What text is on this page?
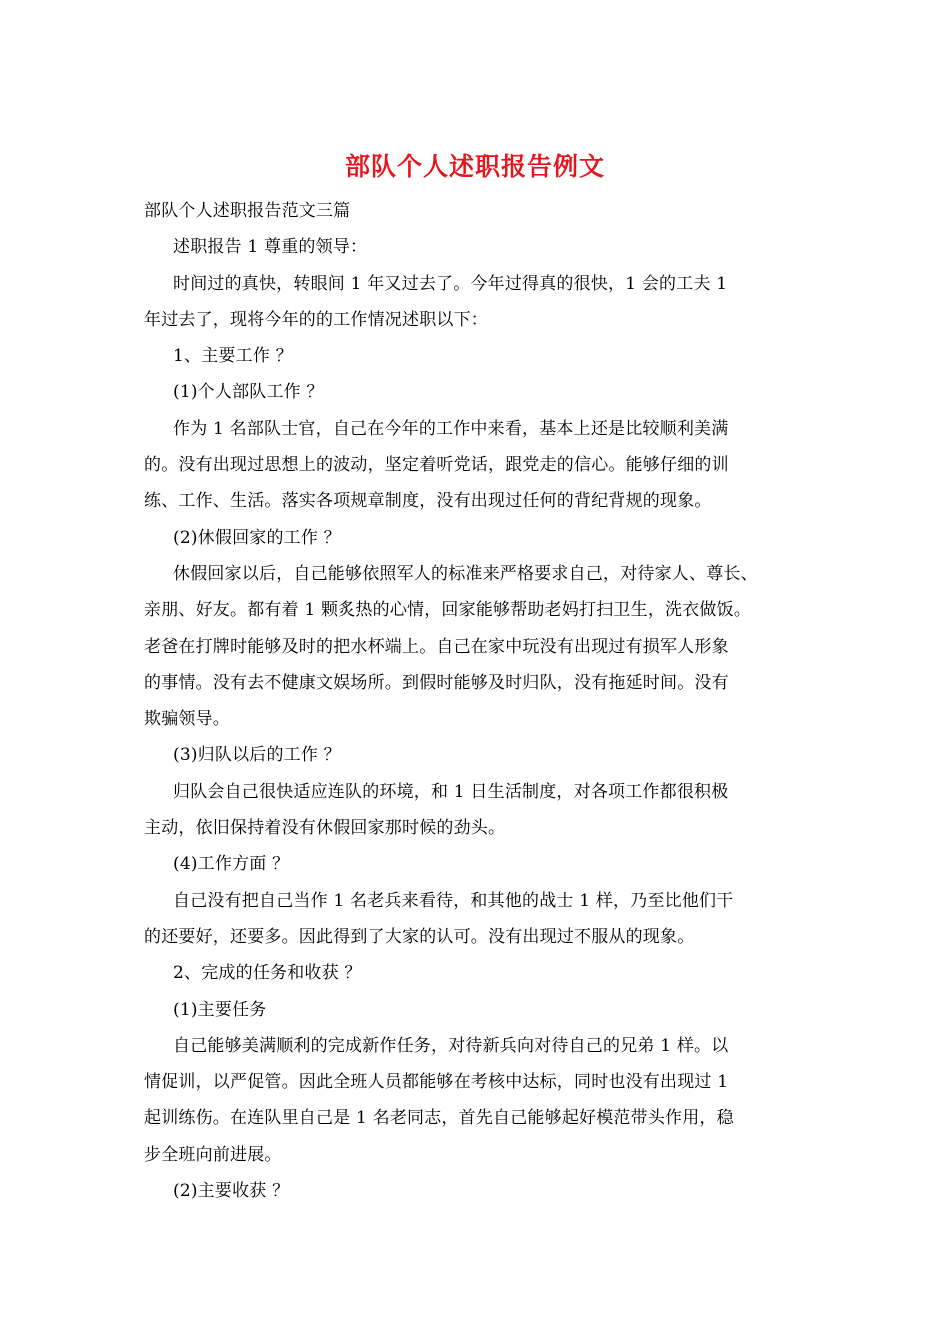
部队个人述职报告例文

部队个人述职报告范文三篇

述职报告 1 尊重的领导：

时间过的真快，转眼间 1 年又过去了。今年过得真的很快，1 会的工夫 1

年过去了，现将今年的的工作情况述职以下：

1、主要工作 ？

(1)个人部队工作 ？

作为 1 名部队士官，自己在今年的工作中来看，基本上还是比较顺利美满

的。没有出现过思想上的波动，坚定着听党话，跟党走的信心。能够仔细的训

练、工作、生活。落实各项规章制度，没有出现过任何的背纪背规的现象。

(2)休假回家的工作 ？

休假回家以后，自己能够依照军人的标准来严格要求自己，对待家人、尊长、

亲朋、好友。都有着 1 颗炙热的心情，回家能够帮助老妈打扫卫生，洗衣做饭。

老爸在打牌时能够及时的把水杯端上。自己在家中玩没有出现过有损军人形象

的事情。没有去不健康文娱场所。到假时能够及时归队，没有拖延时间。没有

欺骗领导。

(3)归队以后的工作 ？

归队会自己很快适应连队的环境，和 1 日生活制度，对各项工作都很积极

主动，依旧保持着没有休假回家那时候的劲头。

(4)工作方面 ？

自己没有把自己当作 1 名老兵来看待，和其他的战士 1 样，乃至比他们干

的还要好，还要多。因此得到了大家的认可。没有出现过不服从的现象。

2、完成的任务和收获 ？

(1)主要任务

自己能够美满顺利的完成新作任务，对待新兵向对待自己的兄弟 1 样。以

情促训，以严促管。因此全班人员都能够在考核中达标，同时也没有出现过 1

起训练伤。在连队里自己是 1 名老同志，首先自己能够起好模范带头作用，稳

步全班向前进展。

(2)主要收获 ？
